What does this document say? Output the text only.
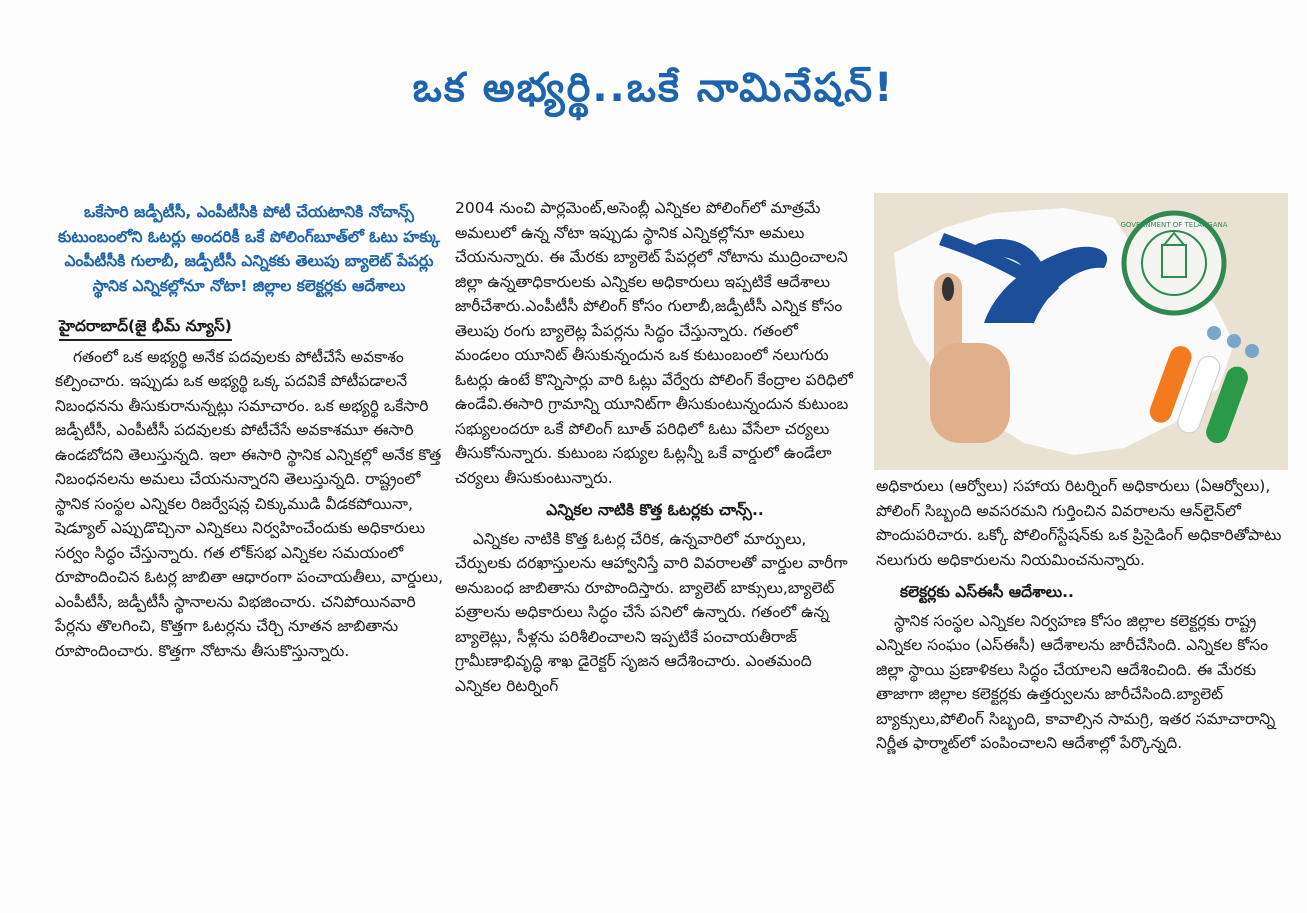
ఒక అభ్యర్థి..ఒకే నామినేషన్!
ఒకేసారి జడ్పీటీసీ, ఎంపీటీసీకి పోటీ చేయటానికి నోచాన్స్
కుటుంబంలోని ఓటర్లు అందరికీ ఒకే పోలింగ్‌బూత్‌లో ఓటు హక్కు
ఎంపీటీసీకి గులాబీ, జడ్పీటీసీ ఎన్నికకు తెలుపు బ్యాలెట్ పేపర్లు
స్థానిక ఎన్నికల్లోనూ నోటా! జిల్లాల కలెక్టర్లకు ఆదేశాలు
హైదరాబాద్(జై భీమ్ న్యూస్)

గతంలో ఒక అభ్యర్థి అనేక పదవులకు పోటీచేసే అవకాశం కల్పించారు. ఇప్పుడు ఒక అభ్యర్థి ఒక్క పదవికే పోటీపడాలనే నిబంధనను తీసుకురానున్నట్లు సమాచారం. ఒక అభ్యర్థి ఒకేసారి జడ్పీటీసీ, ఎంపీటీసీ పదవులకు పోటీచేసే అవకాశమూ ఈసారి ఉండబోదని తెలుస్తున్నది. ఇలా ఈసారి స్థానిక ఎన్నికల్లో అనేక కొత్త నిబంధనలను అమలు చేయనున్నారని తెలుస్తున్నది. రాష్ట్రంలో స్థానిక సంస్థల ఎన్నికల రిజర్వేషన్ల చిక్కుముడి వీడకపోయినా, షెడ్యూల్ ఎప్పుడొచ్చినా ఎన్నికలు నిర్వహించేందుకు అధికారులు సర్వం సిద్ధం చేస్తున్నారు. గత లోక్‌సభ ఎన్నికల సమయంలో రూపొందించిన ఓటర్ల జాబితా ఆధారంగా పంచాయతీలు, వార్డులు, ఎంపీటీసీ, జడ్పీటీసీ స్థానాలను విభజించారు. చనిపోయినవారి పేర్లను తొలగించి, కొత్తగా ఓటర్లను చేర్చి నూతన జాబితాను రూపొందించారు. కొత్తగా నోటాను తీసుకొస్తున్నారు.

2004 నుంచి పార్లమెంట్,అసెంబ్లీ ఎన్నికల పోలింగ్‌లో మాత్రమే అమలులో ఉన్న నోటా ఇప్పుడు స్థానిక ఎన్నికల్లోనూ అమలు చేయనున్నారు. ఈ మేరకు బ్యాలెట్ పేపర్లలో నోటాను ముద్రించాలని జిల్లా ఉన్నతాధికారులకు ఎన్నికల అధికారులు ఇప్పటికే ఆదేశాలు జారీచేశారు.ఎంపీటీసీ పోలింగ్ కోసం గులాబీ,జడ్పీటీసీ ఎన్నిక కోసం తెలుపు రంగు బ్యాలెట్ల పేపర్లను సిద్ధం చేస్తున్నారు. గతంలో మండలం యూనిట్ తీసుకున్నందున ఒక కుటుంబంలో నలుగురు ఓటర్లు ఉంటే కొన్నిసార్లు వారి ఓట్లు వేర్వేరు పోలింగ్ కేంద్రాల పరిధిలో ఉండేవి.ఈసారి గ్రామాన్ని యూనిట్‌గా తీసుకుంటున్నందున కుటుంబ సభ్యులందరూ ఒకే పోలింగ్ బూత్ పరిధిలో ఓటు వేసేలా చర్యలు తీసుకోనున్నారు. కుటుంబ సభ్యుల ఓట్లన్నీ ఒకే వార్డులో ఉండేలా చర్యలు తీసుకుంటున్నారు.

ఎన్నికల నాటికి కొత్త ఓటర్లకు చాన్స్..

ఎన్నికల నాటికి కొత్త ఓటర్ల చేరిక, ఉన్నవారిలో మార్పులు, చేర్పులకు దరఖాస్తులను ఆహ్వానిస్తే వారి వివరాలతో వార్డుల వారీగా అనుబంధ జాబితాను రూపొందిస్తారు. బ్యాలెట్ బాక్సులు,బ్యాలెట్ పత్రాలను అధికారులు సిద్ధం చేసే పనిలో ఉన్నారు. గతంలో ఉన్న బ్యాలెట్లు, సీళ్లను పరిశీలించాలని ఇప్పటికే పంచాయతీరాజ్ గ్రామీణాభివృద్ధి శాఖ డైరెక్టర్ సృజన ఆదేశించారు. ఎంతమంది ఎన్నికల రిటర్నింగ్

GOVERNMENT OF TELANGANA

అధికారులు (ఆర్వోలు) సహాయ రిటర్నింగ్ అధికారులు (ఏఆర్వోలు), పోలింగ్ సిబ్బంది అవసరమని గుర్తించిన వివరాలను ఆన్‌లైన్‌లో పొందుపరిచారు. ఒక్కో పోలింగ్‌స్టేషన్‌కు ఒక ప్రిసైడింగ్ అధికారితోపాటు నలుగురు అధికారులను నియమించనున్నారు.

కలెక్టర్లకు ఎస్ఈసీ ఆదేశాలు..

స్థానిక సంస్థల ఎన్నికల నిర్వహణ కోసం జిల్లాల కలెక్టర్లకు రాష్ట్ర ఎన్నికల సంఘం (ఎస్ఈసీ) ఆదేశాలను జారీచేసింది. ఎన్నికల కోసం జిల్లా స్థాయి ప్రణాళికలు సిద్ధం చేయాలని ఆదేశించింది. ఈ మేరకు తాజాగా జిల్లాల కలెక్టర్లకు ఉత్తర్వులను జారీచేసింది.బ్యాలెట్ బ్యాక్సులు,పోలింగ్ సిబ్బంది, కావాల్సిన సామగ్రి, ఇతర సమాచారాన్ని నిర్ణీత ఫార్మాట్‌లో పంపించాలని ఆదేశాల్లో పేర్కొన్నది.
